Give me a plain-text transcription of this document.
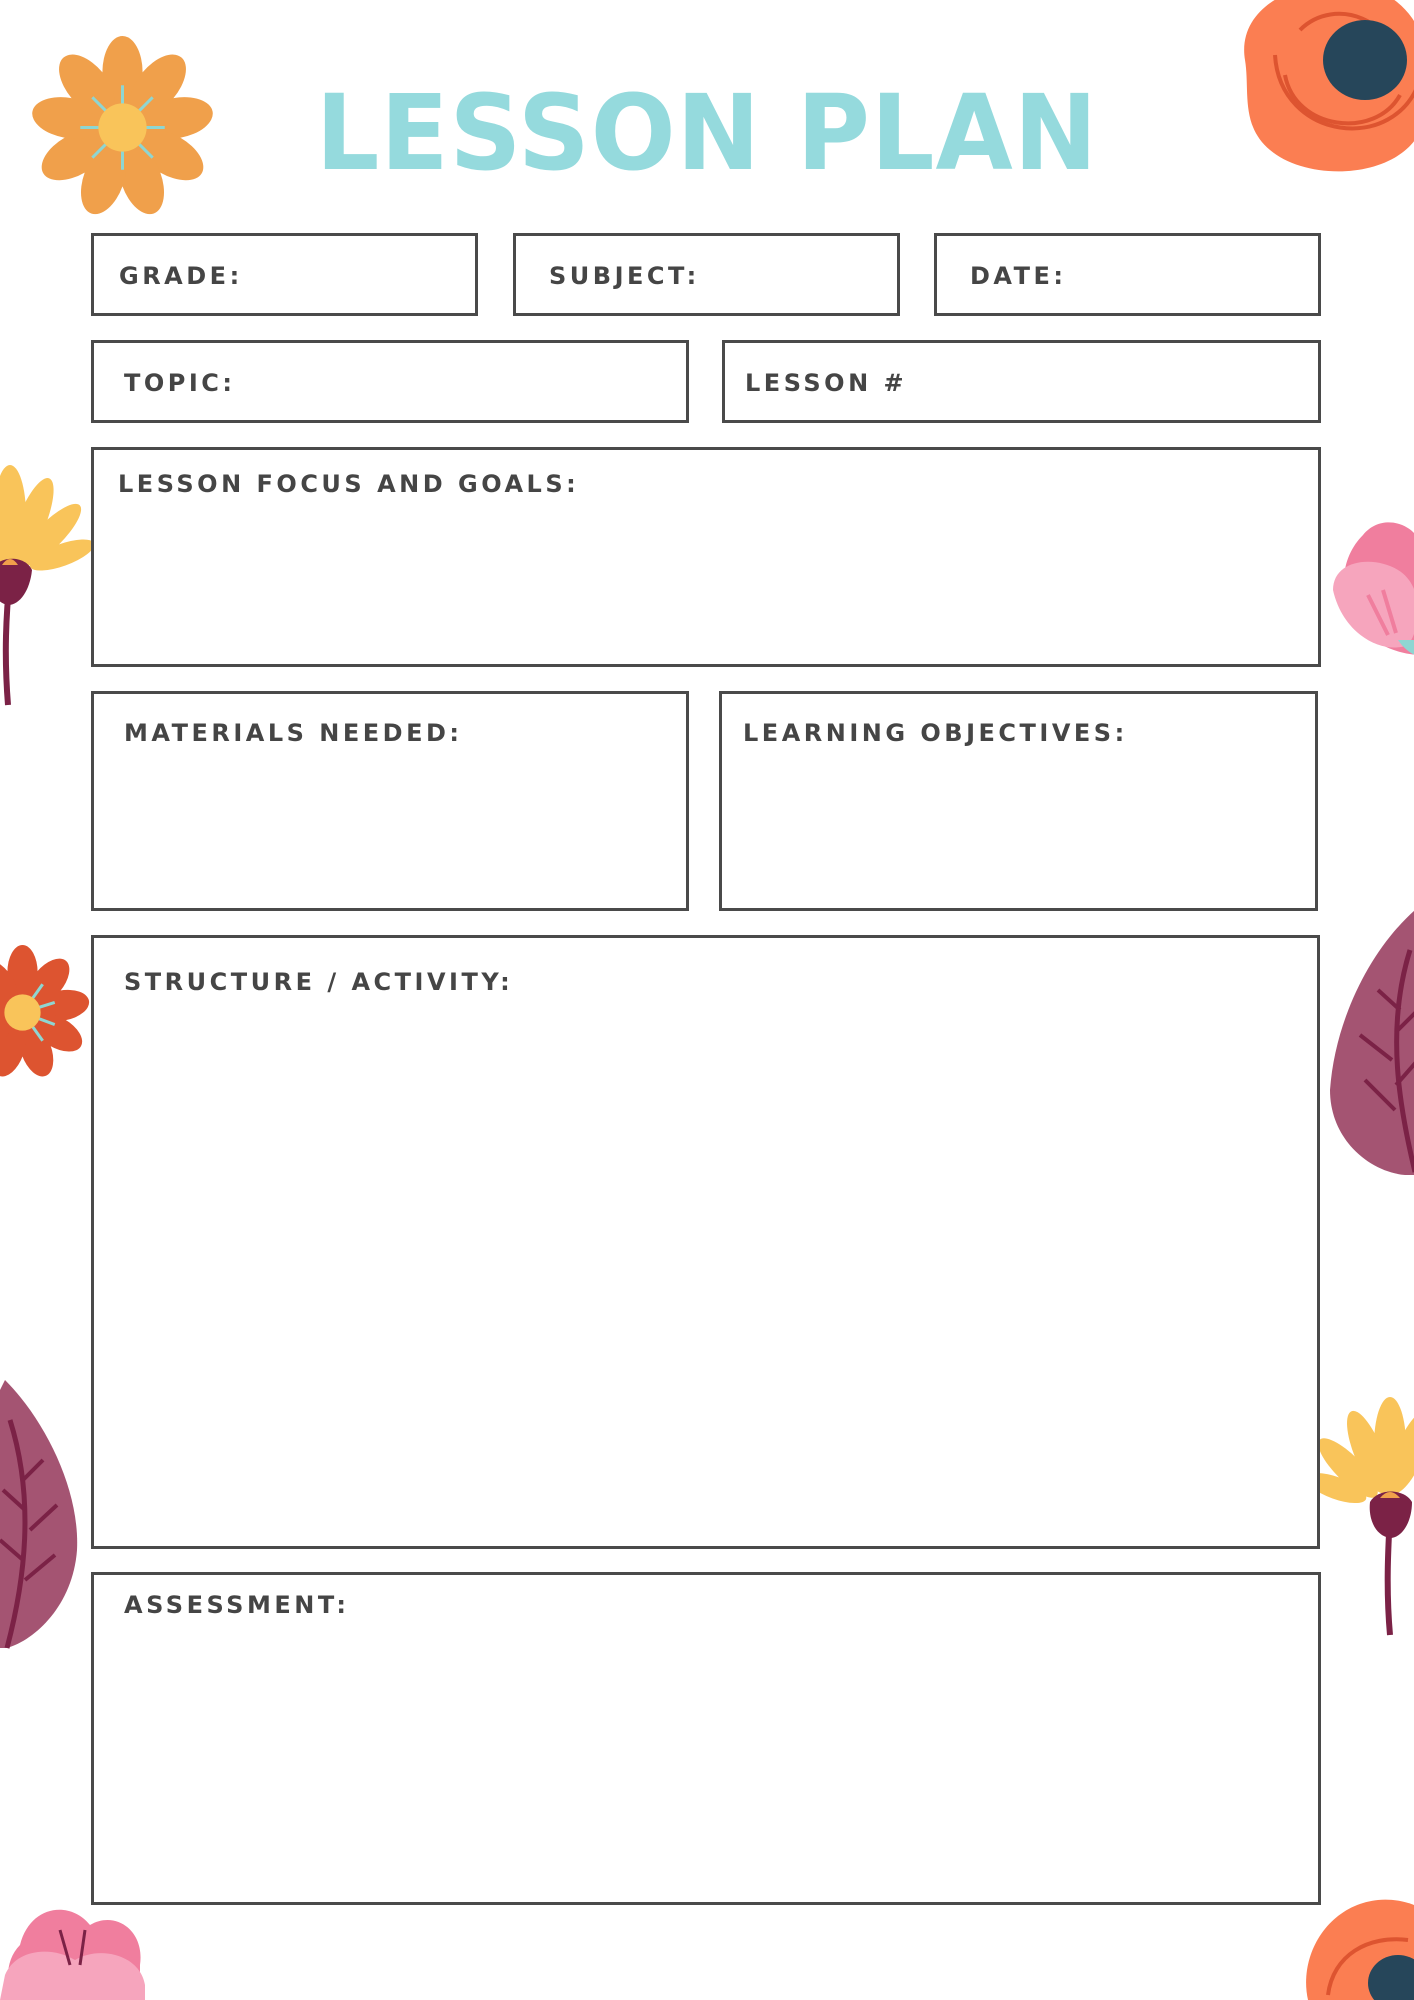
LESSON PLAN
GRADE:	SUBJECT:	DATE:
TOPIC:	LESSON #
LESSON FOCUS AND GOALS:
MATERIALS NEEDED:	LEARNING OBJECTIVES:
STRUCTURE / ACTIVITY:
ASSESSMENT:
